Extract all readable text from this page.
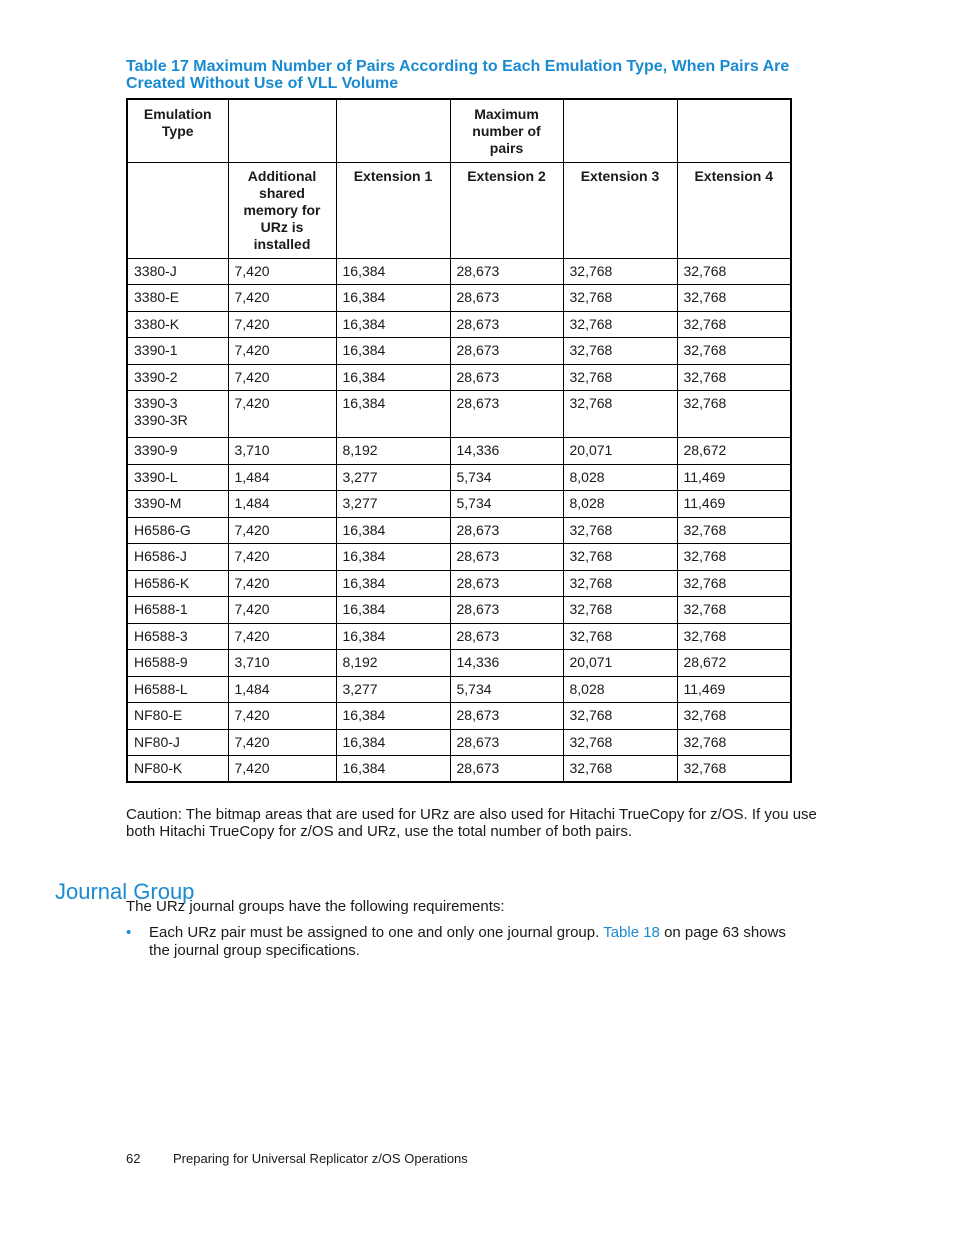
Table 17 Maximum Number of Pairs According to Each Emulation Type, When Pairs Are Created Without Use of VLL Volume
Emulation Type			Maximum number of pairs		
	Additional shared memory for URz is installed	Extension 1	Extension 2	Extension 3	Extension 4

3380-J	7,420	16,384	28,673	32,768	32,768

3380-E	7,420	16,384	28,673	32,768	32,768

3380-K	7,420	16,384	28,673	32,768	32,768

3390-1	7,420	16,384	28,673	32,768	32,768

3390-2	7,420	16,384	28,673	32,768	32,768

3390-3
3390-3R	7,420	16,384	28,673	32,768	32,768

3390-9	3,710	8,192	14,336	20,071	28,672

3390-L	1,484	3,277	5,734	8,028	11,469

3390-M	1,484	3,277	5,734	8,028	11,469

H6586-G	7,420	16,384	28,673	32,768	32,768

H6586-J	7,420	16,384	28,673	32,768	32,768

H6586-K	7,420	16,384	28,673	32,768	32,768

H6588-1	7,420	16,384	28,673	32,768	32,768

H6588-3	7,420	16,384	28,673	32,768	32,768

H6588-9	3,710	8,192	14,336	20,071	28,672

H6588-L	1,484	3,277	5,734	8,028	11,469

NF80-E	7,420	16,384	28,673	32,768	32,768

NF80-J	7,420	16,384	28,673	32,768	32,768

NF80-K	7,420	16,384	28,673	32,768	32,768
Caution: The bitmap areas that are used for URz are also used for Hitachi TrueCopy for z/OS. If you use both Hitachi TrueCopy for z/OS and URz, use the total number of both pairs.
Journal Group
The URz journal groups have the following requirements:
• Each URz pair must be assigned to one and only one journal group. Table 18 on page 63 shows the journal group specifications.
62	Preparing for Universal Replicator z/OS Operations
